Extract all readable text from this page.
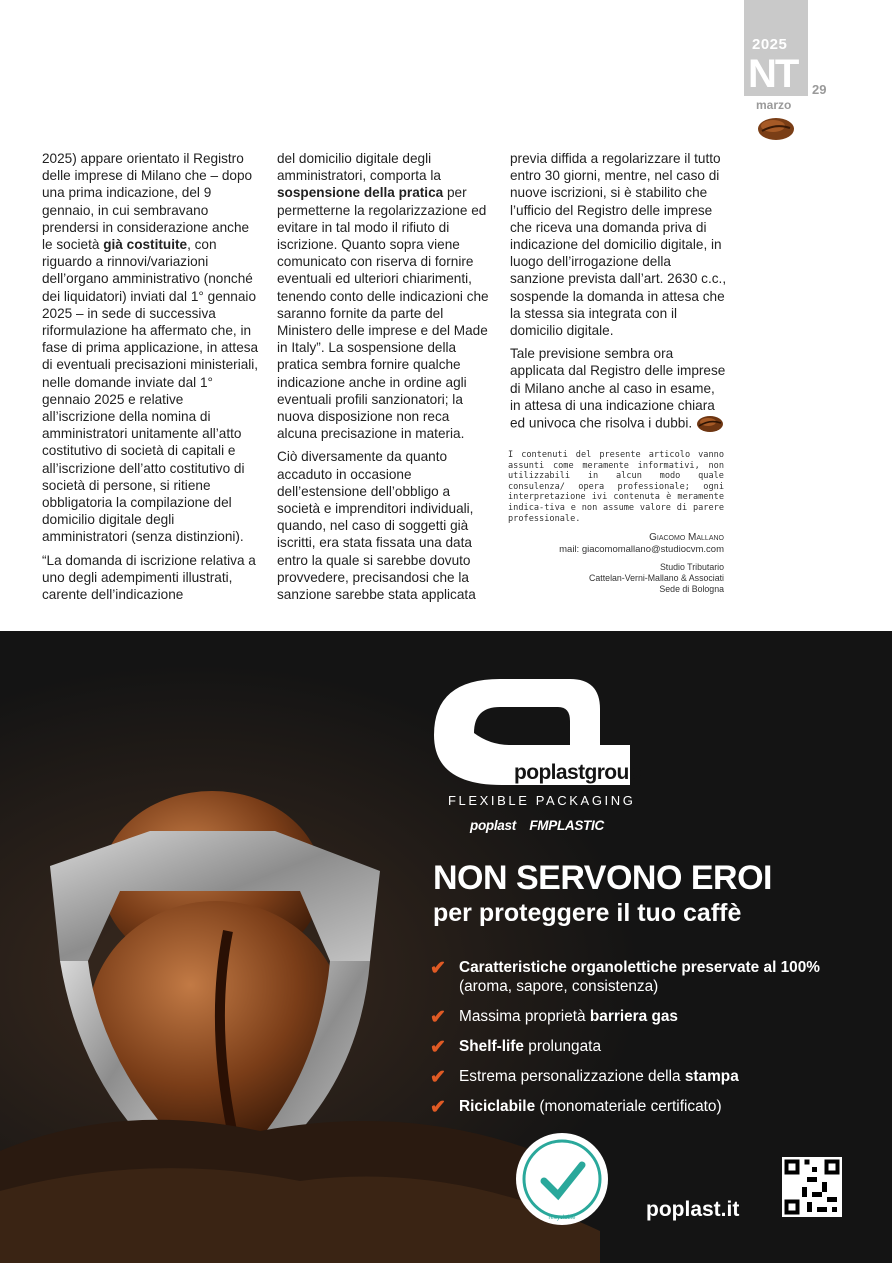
2025
NT 29
marzo

2025) appare orientato il Registro delle imprese di Milano che – dopo una prima indicazione, del 9 gennaio, in cui sembravano prendersi in considerazione anche le società già costituite, con riguardo a rinnovi/variazioni dell’organo amministrativo (nonché dei liquidatori) inviati dal 1° gennaio 2025 – in sede di successiva riformulazione ha affermato che, in fase di prima applicazione, in attesa di eventuali precisazioni ministeriali, nelle domande inviate dal 1° gennaio 2025 e relative all’iscrizione della nomina di amministratori unitamente all’atto costitutivo di società di capitali e all’iscrizione dell’atto costitutivo di società di persone, si ritiene obbligatoria la compilazione del domicilio digitale degli amministratori (senza distinzioni).

“La domanda di iscrizione relativa a uno degli adempimenti illustrati, carente dell’indicazione

del domicilio digitale degli amministratori, comporta la sospensione della pratica per permetterne la regolarizzazione ed evitare in tal modo il rifiuto di iscrizione. Quanto sopra viene comunicato con riserva di fornire eventuali ed ulteriori chiarimenti, tenendo conto delle indicazioni che saranno fornite da parte del Ministero delle imprese e del Made in Italy”. La sospensione della pratica sembra fornire qualche indicazione anche in ordine agli eventuali profili sanzionatori; la nuova disposizione non reca alcuna precisazione in materia.

Ciò diversamente da quanto accaduto in occasione dell’estensione dell’obbligo a società e imprenditori individuali, quando, nel caso di soggetti già iscritti, era stata fissata una data entro la quale si sarebbe dovuto provvedere, precisandosi che la sanzione sarebbe stata applicata

previa diffida a regolarizzare il tutto entro 30 giorni, mentre, nel caso di nuove iscrizioni, si è stabilito che l’ufficio del Registro delle imprese che riceva una domanda priva di indicazione del domicilio digitale, in luogo dell’irrogazione della sanzione prevista dall’art. 2630 c.c., sospende la domanda in attesa che la stessa sia integrata con il domicilio digitale.

Tale previsione sembra ora applicata dal Registro delle imprese di Milano anche al caso in esame, in attesa di una indicazione chiara ed univoca che risolva i dubbi.

I contenuti del presente articolo vanno assunti come meramente informativi, non utilizzabili in alcun modo quale consulenza/ opera professionale; ogni interpretazione ivi contenuta è meramente indica-tiva e non assume valore di parere professionale.
Giacomo Mallano
mail: giacomomallano@studiocvm.com
Studio Tributario
Cattelan-Verni-Mallano & Associati
Sede di Bologna
poplastgroup
FLEXIBLE PACKAGING
poplast FMPLASTIC
NON SERVONO EROI
per proteggere il tuo caffè
✔ Caratteristiche organolettiche preservate al 100% (aroma, sapore, consistenza)
✔ Massima proprietà barriera gas
✔ Shelf-life prolungata
✔ Estrema personalizzazione della stampa
✔ Riciclabile (monomateriale certificato)
recyclable	poplast.it
